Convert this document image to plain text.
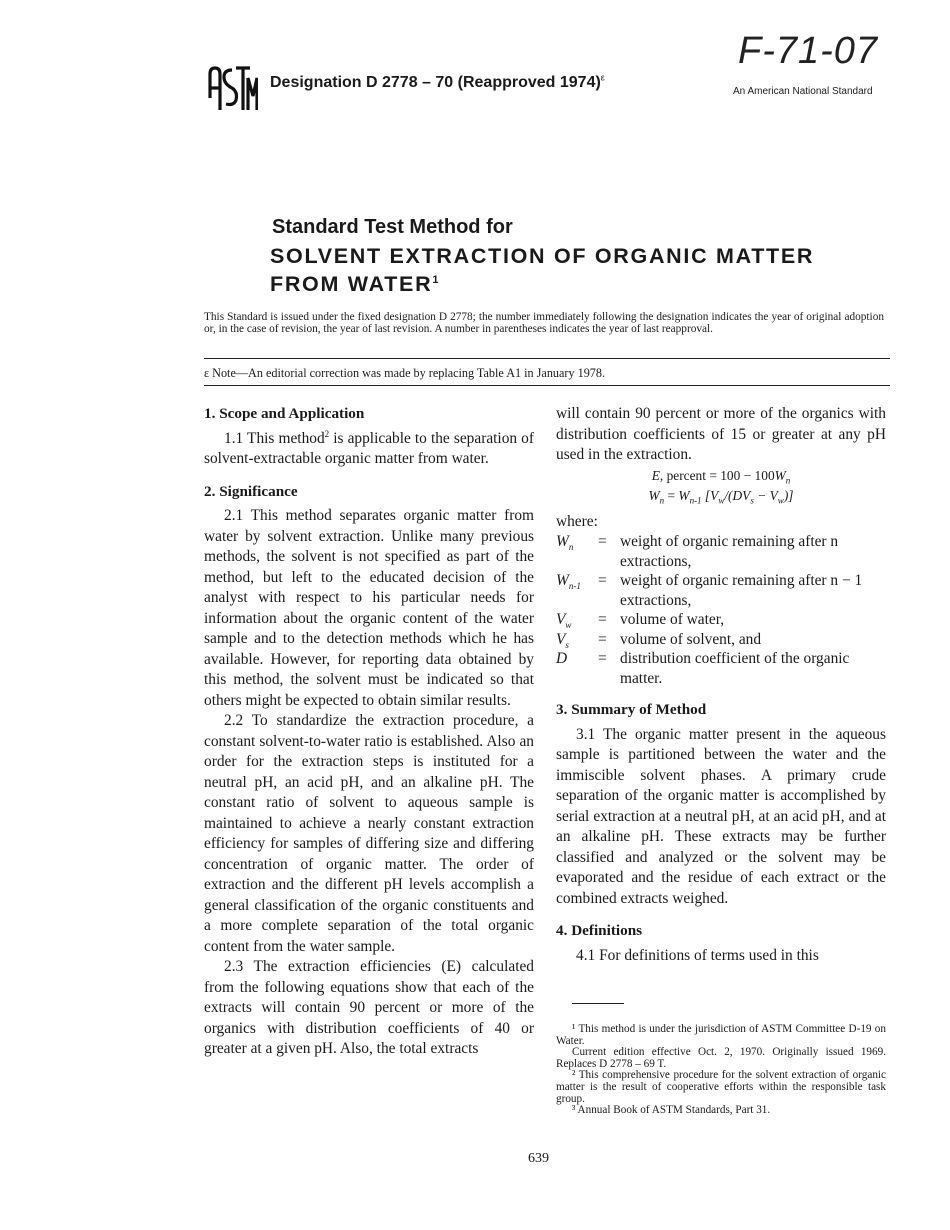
ASTM
Designation D 2778 – 70 (Reapproved 1974)$^\varepsilon$
F-71-07
An American National Standard
Standard Test Method for
SOLVENT EXTRACTION OF ORGANIC MATTER
FROM WATER$^1$
This Standard is issued under the fixed designation D 2778; the number immediately following the designation indicates the year of original adoption or, in the case of revision, the year of last revision. A number in parentheses indicates the year of last reapproval.
ε Note—An editorial correction was made by replacing Table A1 in January 1978.
1. Scope and Application

1.1 This method$^2$ is applicable to the separation of solvent-extractable organic matter from water.

2. Significance

2.1 This method separates organic matter from water by solvent extraction. Unlike many previous methods, the solvent is not specified as part of the method, but left to the educated decision of the analyst with respect to his particular needs for information about the organic content of the water sample and to the detection methods which he has available. However, for reporting data obtained by this method, the solvent must be indicated so that others might be expected to obtain similar results.

2.2 To standardize the extraction procedure, a constant solvent-to-water ratio is established. Also an order for the extraction steps is instituted for a neutral pH, an acid pH, and an alkaline pH. The constant ratio of solvent to aqueous sample is maintained to achieve a nearly constant extraction efficiency for samples of differing size and differing concentration of organic matter. The order of extraction and the different pH levels accomplish a general classification of the organic constituents and a more complete separation of the total organic content from the water sample.

2.3 The extraction efficiencies (E) calculated from the following equations show that each of the extracts will contain 90 percent or more of the organics with distribution coefficients of 40 or greater at a given pH. Also, the total extracts

will contain 90 percent or more of the organics with distribution coefficients of 15 or greater at any pH used in the extraction.

E, percent = $100 - 100W_n$
$W_n = W_{n-1}$ $[V_w/(DV_s - V_w)]$
where:
$W_n$	= weight of organic remaining after n extractions,
$W_{n-1}$	= weight of organic remaining after n − 1 extractions,
$V_w$	= volume of water,
$V_s$	= volume of solvent, and
D	= distribution coefficient of the organic matter.
3. Summary of Method

3.1 The organic matter present in the aqueous sample is partitioned between the water and the immiscible solvent phases. A primary crude separation of the organic matter is accomplished by serial extraction at a neutral pH, at an acid pH, and at an alkaline pH. These extracts may be further classified and analyzed or the solvent may be evaporated and the residue of each extract or the combined extracts weighed.

4. Definitions

4.1 For definitions of terms used in this

¹ This method is under the jurisdiction of ASTM Committee D-19 on Water.

Current edition effective Oct. 2, 1970. Originally issued 1969. Replaces D 2778 – 69 T.

² This comprehensive procedure for the solvent extraction of organic matter is the result of cooperative efforts within the responsible task group.

³ Annual Book of ASTM Standards, Part 31.

639
